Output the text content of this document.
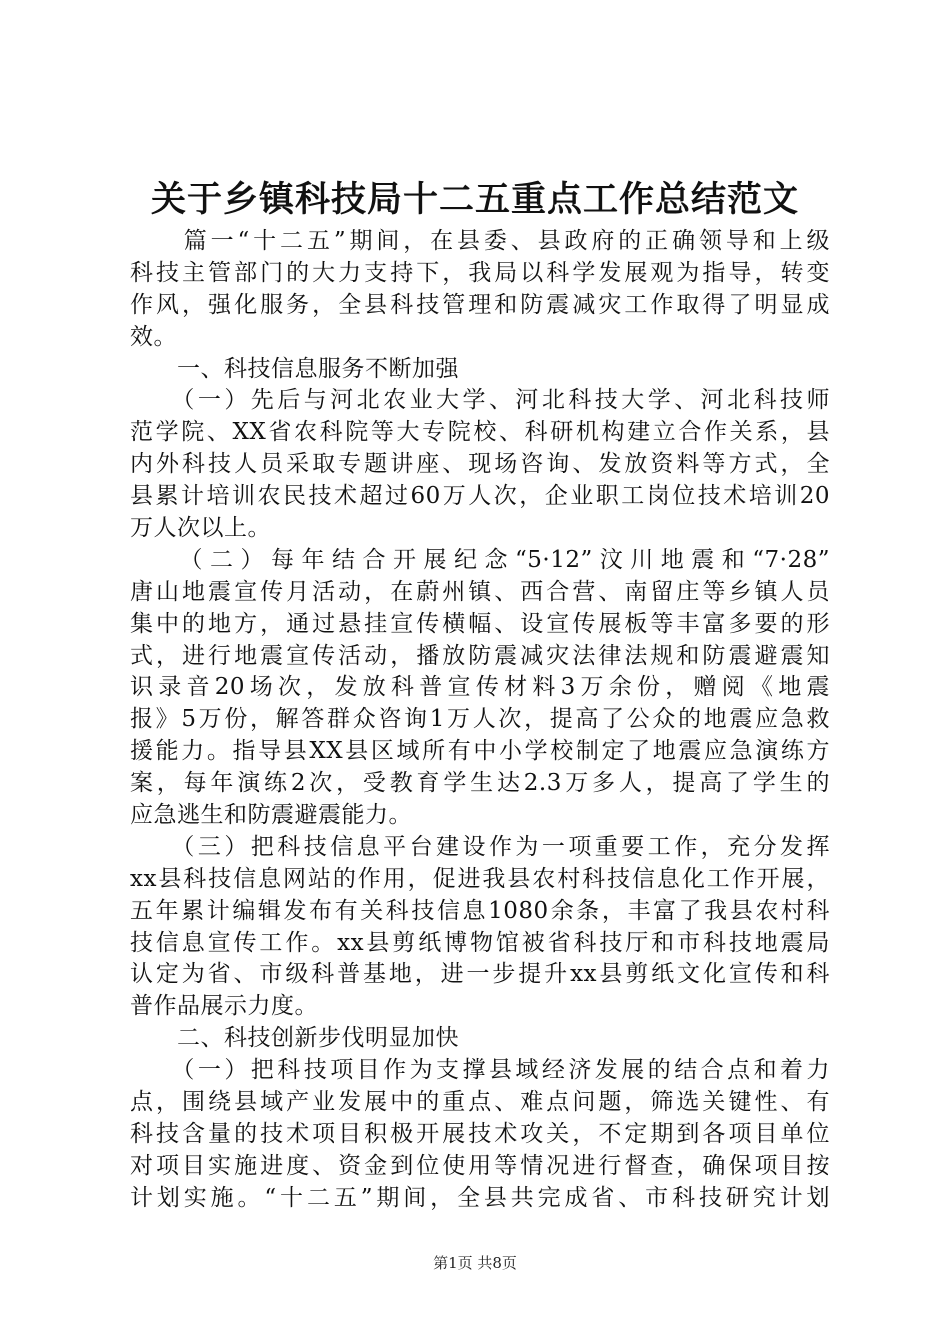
关于乡镇科技局十二五重点工作总结范文
　　篇一“十二五”期间，在县委、县政府的正确领导和上级
科技主管部门的大力支持下，我局以科学发展观为指导，转变
作风，强化服务，全县科技管理和防震减灾工作取得了明显成
效。
　　一、科技信息服务不断加强
　　（一）先后与河北农业大学、河北科技大学、河北科技师
范学院、XX省农科院等大专院校、科研机构建立合作关系，县
内外科技人员采取专题讲座、现场咨询、发放资料等方式，全
县累计培训农民技术超过60万人次，企业职工岗位技术培训20
万人次以上。
　　（二）每年结合开展纪念“5·12”汶川地震和“7·28”
唐山地震宣传月活动，在蔚州镇、西合营、南留庄等乡镇人员
集中的地方，通过悬挂宣传横幅、设宣传展板等丰富多要的形
式，进行地震宣传活动，播放防震减灾法律法规和防震避震知
识录音20场次，发放科普宣传材料3万余份，赠阅《地震
报》5万份，解答群众咨询1万人次，提高了公众的地震应急救
援能力。指导县XX县区域所有中小学校制定了地震应急演练方
案，每年演练2次，受教育学生达2.3万多人，提高了学生的
应急逃生和防震避震能力。
　　（三）把科技信息平台建设作为一项重要工作，充分发挥
xx县科技信息网站的作用，促进我县农村科技信息化工作开展，
五年累计编辑发布有关科技信息1080余条，丰富了我县农村科
技信息宣传工作。xx县剪纸博物馆被省科技厅和市科技地震局
认定为省、市级科普基地，进一步提升xx县剪纸文化宣传和科
普作品展示力度。
　　二、科技创新步伐明显加快
　　（一）把科技项目作为支撑县域经济发展的结合点和着力
点，围绕县域产业发展中的重点、难点问题，筛选关键性、有
科技含量的技术项目积极开展技术攻关，不定期到各项目单位
对项目实施进度、资金到位使用等情况进行督查，确保项目按
计划实施。“十二五”期间，全县共完成省、市科技研究计划
第1页 共8页
